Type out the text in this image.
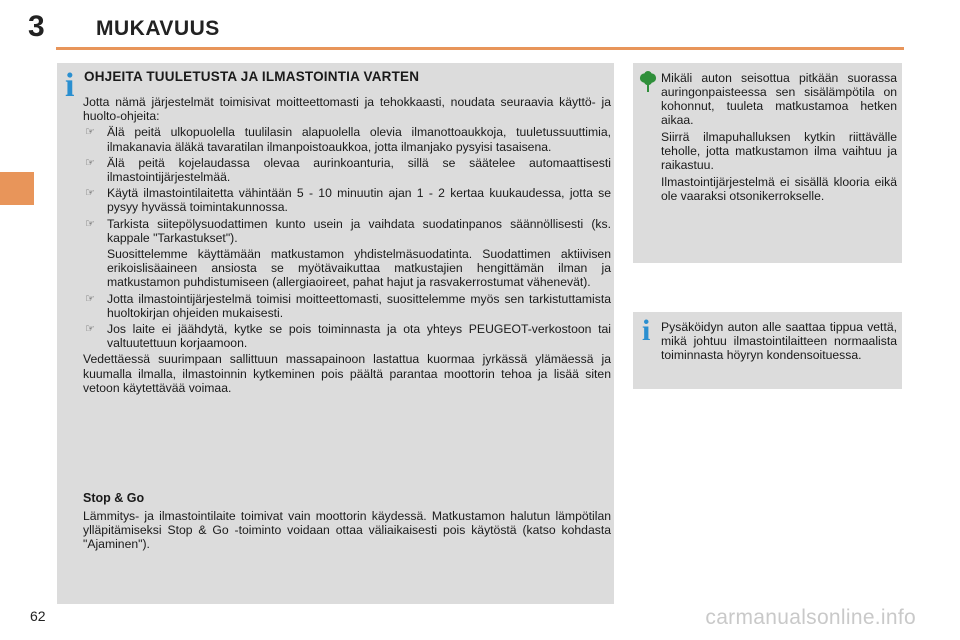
3 MUKAVUUS
i OHJEITA TUULETUSTA JA ILMASTOINTIA VARTEN

Jotta nämä järjestelmät toimisivat moitteettomasti ja tehokkaasti, noudata seuraavia käyttö- ja huolto-ohjeita:

☞ Älä peitä ulkopuolella tuulilasin alapuolella olevia ilmanottoaukkoja, tuuletussuuttimia, ilmakanavia äläkä tavaratilan ilmanpoistoaukkoa, jotta ilmanjako pysyisi tasaisena.
☞ Älä peitä kojelaudassa olevaa aurinkoanturia, sillä se säätelee automaattisesti ilmastointijärjestelmää.
☞ Käytä ilmastointilaitetta vähintään 5 - 10 minuutin ajan 1 - 2 kertaa kuukaudessa, jotta se pysyy hyvässä toimintakunnossa.
☞ Tarkista siitepölysuodattimen kunto usein ja vaihdata suodatinpanos säännöllisesti (ks. kappale "Tarkastukset").
Suosittelemme käyttämään matkustamon yhdistelmäsuodatinta. Suodattimen aktiivisen erikoislisäaineen ansiosta se myötävaikuttaa matkustajien hengittämän ilman ja matkustamon puhdistumiseen (allergiaoireet, pahat hajut ja rasvakerrostumat vähenevät).
☞ Jotta ilmastointijärjestelmä toimisi moitteettomasti, suosittelemme myös sen tarkistuttamista huoltokirjan ohjeiden mukaisesti.
☞ Jos laite ei jäähdytä, kytke se pois toiminnasta ja ota yhteys PEUGEOT-verkostoon tai valtuutettuun korjaamoon.

Vedettäessä suurimpaan sallittuun massapainoon lastattua kuormaa jyrkässä ylämäessä ja kuumalla ilmalla, ilmastoinnin kytkeminen pois päältä parantaa moottorin tehoa ja lisää siten vetoon käytettävää voimaa.

Stop & Go
Lämmitys- ja ilmastointilaite toimivat vain moottorin käydessä. Matkustamon halutun lämpötilan ylläpitämiseksi Stop & Go -toiminto voidaan ottaa väliaikaisesti pois käytöstä (katso kohdasta "Ajaminen").

Mikäli auton seisottua pitkään suorassa auringonpaisteessa sen sisälämpötila on kohonnut, tuuleta matkustamoa hetken aikaa.

Siirrä ilmapuhalluksen kytkin riittävälle teholle, jotta matkustamon ilma vaihtuu ja raikastuu.

Ilmastointijärjestelmä ei sisällä klooria eikä ole vaaraksi otsonikerrokselle.

i Pysäköidyn auton alle saattaa tippua vettä, mikä johtuu ilmastointilaitteen normaalista toiminnasta höyryn kondensoituessa.
62	carmanualsonline.info
